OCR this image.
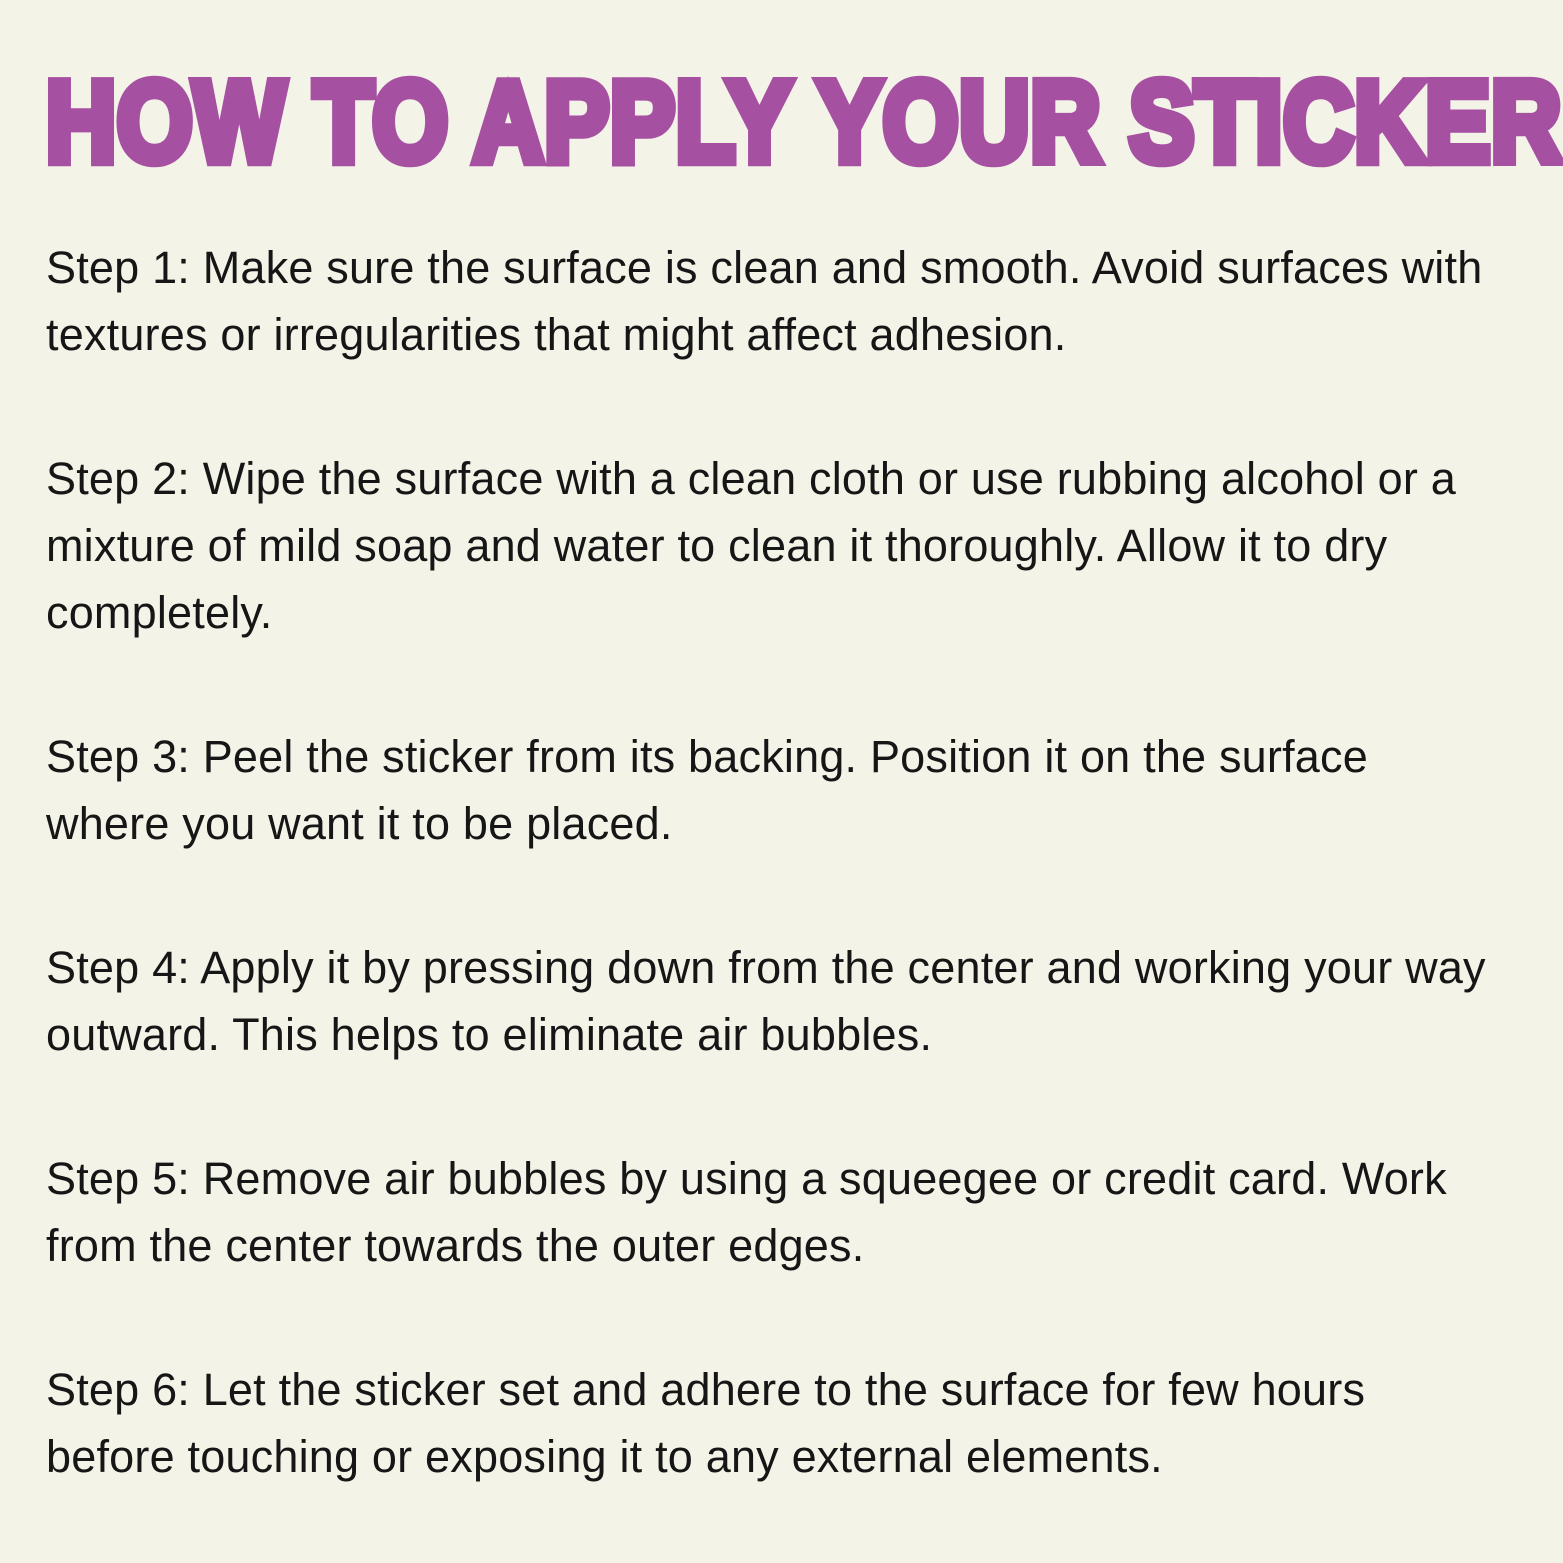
HOW TO APPLY YOUR STICKER

Step 1: Make sure the surface is clean and smooth. Avoid surfaces with textures or irregularities that might affect adhesion.

Step 2: Wipe the surface with a clean cloth or use rubbing alcohol or a mixture of mild soap and water to clean it thoroughly. Allow it to dry completely.

Step 3: Peel the sticker from its backing. Position it on the surface where you want it to be placed.

Step 4: Apply it by pressing down from the center and working your way outward. This helps to eliminate air bubbles.

Step 5: Remove air bubbles by using a squeegee or credit card. Work from the center towards the outer edges.

Step 6: Let the sticker set and adhere to the surface for few hours before touching or exposing it to any external elements.
